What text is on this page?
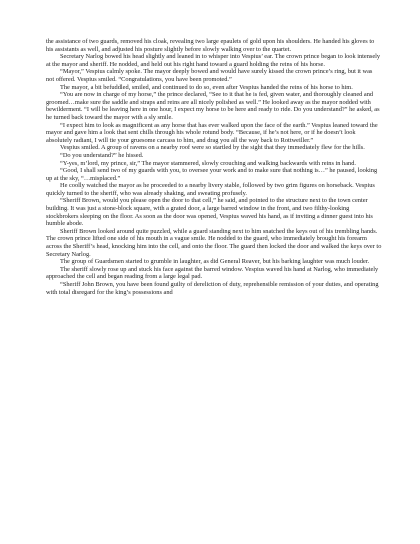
the assistance of two guards, removed his cloak, revealing two large epaulets of gold upon his shoulders. He handed his gloves to his assistants as well, and adjusted his posture slightly before slowly walking over to the quartet.

Secretary Narlog bowed his head slightly and leaned in to whisper into Vespius’ ear. The crown prince began to look intensely at the mayor and sheriff. He nodded, and held out his right hand toward a guard holding the reins of his horse.

“Mayor,” Vespius calmly spoke. The mayor deeply bowed and would have surely kissed the crown prince’s ring, but it was not offered. Vespius smiled. “Congratulations, you have been promoted.”

The mayor, a bit befuddled, smiled, and continued to do so, even after Vespius handed the reins of his horse to him.

“You are now in charge of my horse,” the prince declared, “See to it that he is fed, given water, and thoroughly cleaned and groomed…make sure the saddle and straps and reins are all nicely polished as well.” He looked away as the mayor nodded with bewilderment. “I will be leaving here in one hour, I expect my horse to be here and ready to ride. Do you understand?” he asked, as he turned back toward the mayor with a sly smile.

“I expect him to look as magnificent as any horse that has ever walked upon the face of the earth.” Vespius leaned toward the mayor and gave him a look that sent chills through his whole rotund body. “Because, if he’s not here, or if he doesn’t look absolutely radiant, I will tie your gruesome carcass to him, and drag you all the way back to Rottweiller.”

Vespius smiled. A group of ravens on a nearby roof were so startled by the sight that they immediately flew for the hills.

“Do you understand?” he hissed.

“Y-yes, m’lord, my prince, sir,” The mayor stammered, slowly crouching and walking backwards with reins in hand.

“Good, I shall send two of my guards with you, to oversee your work and to make sure that nothing is…” he paused, looking up at the sky, “…misplaced.”

He coolly watched the mayor as he proceeded to a nearby livery stable, followed by two grim figures on horseback. Vespius quickly turned to the sheriff, who was already shaking, and sweating profusely.

“Sheriff Brown, would you please open the door to that cell,” he said, and pointed to the structure next to the town center building. It was just a stone-block square, with a grated door, a large barred window in the front, and two filthy-looking stockbrokers sleeping on the floor. As soon as the door was opened, Vespius waved his hand, as if inviting a dinner guest into his humble abode.

Sheriff Brown looked around quite puzzled, while a guard standing next to him snatched the keys out of his trembling hands. The crown prince lifted one side of his mouth in a vague smile. He nodded to the guard, who immediately brought his forearm across the Sheriff’s head, knocking him into the cell, and onto the floor. The guard then locked the door and walked the keys over to Secretary Narlog.

The group of Guardsmen started to grumble in laughter, as did General Reaver, but his barking laughter was much louder.

The sheriff slowly rose up and stuck his face against the barred window. Vespius waved his hand at Narlog, who immediately approached the cell and began reading from a large legal pad.

“Sheriff John Brown, you have been found guilty of dereliction of duty, reprehensible remission of your duties, and operating with total disregard for the king’s possessions and
